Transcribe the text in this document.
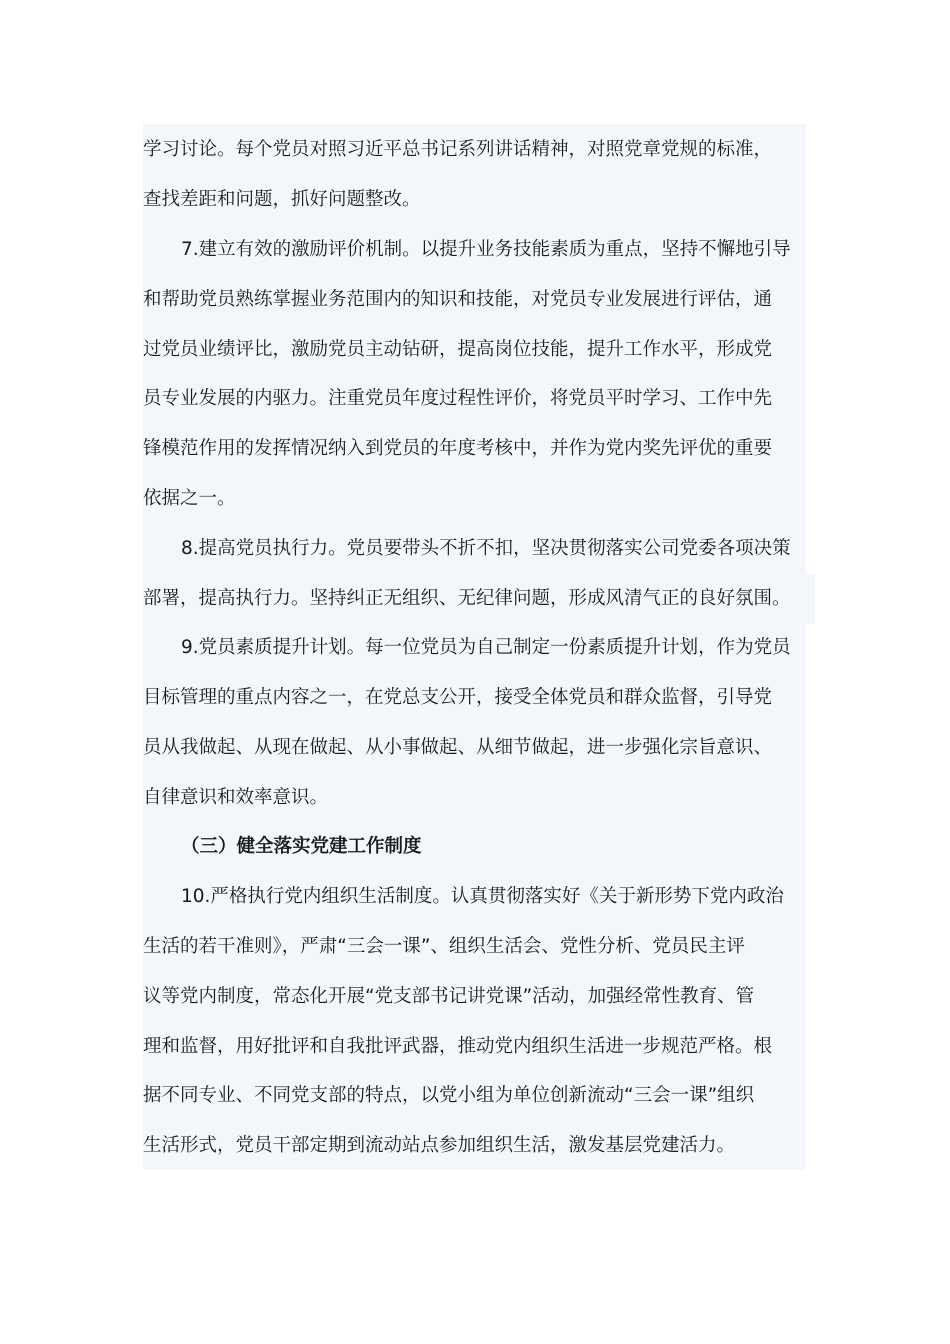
学习讨论。每个党员对照习近平总书记系列讲话精神，对照党章党规的标准，
查找差距和问题，抓好问题整改。
7.建立有效的激励评价机制。以提升业务技能素质为重点，坚持不懈地引导
和帮助党员熟练掌握业务范围内的知识和技能，对党员专业发展进行评估，通
过党员业绩评比，激励党员主动钻研，提高岗位技能，提升工作水平，形成党
员专业发展的内驱力。注重党员年度过程性评价，将党员平时学习、工作中先
锋模范作用的发挥情况纳入到党员的年度考核中，并作为党内奖先评优的重要
依据之一。
8.提高党员执行力。党员要带头不折不扣，坚决贯彻落实公司党委各项决策
部署，提高执行力。坚持纠正无组织、无纪律问题，形成风清气正的良好氛围。
9.党员素质提升计划。每一位党员为自己制定一份素质提升计划，作为党员
目标管理的重点内容之一，在党总支公开，接受全体党员和群众监督，引导党
员从我做起、从现在做起、从小事做起、从细节做起，进一步强化宗旨意识、
自律意识和效率意识。
（三）健全落实党建工作制度
10.严格执行党内组织生活制度。认真贯彻落实好《关于新形势下党内政治
生活的若干准则》，严肃“三会一课”、组织生活会、党性分析、党员民主评
议等党内制度，常态化开展“党支部书记讲党课”活动，加强经常性教育、管
理和监督，用好批评和自我批评武器，推动党内组织生活进一步规范严格。根
据不同专业、不同党支部的特点，以党小组为单位创新流动“三会一课”组织
生活形式，党员干部定期到流动站点参加组织生活，激发基层党建活力。
